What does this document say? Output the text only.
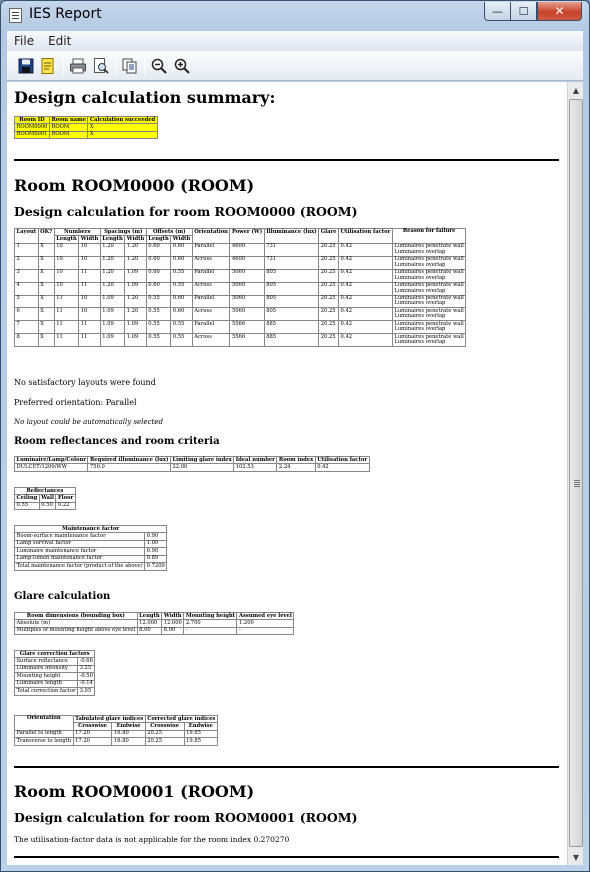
IES Report	—	☐	✕
File	Edit
Design calculation summary:
Room ID	Room name	Calculation succeeded
ROOM0000	ROOM	X
ROOM0001	ROOM	X
Room ROOM0000 (ROOM)
Design calculation for room ROOM0000 (ROOM)
Layout	OK?	Numbers		Spacings (m)		Offsets (m)		Orientation	Power (W)	Illuminance (lux)	Glare	Utilisation factor	Reason for failure
		Length	Width	Length	Width	Length	Width						
1	X	10	10	1.20	1.20	0.60	0.60	Parallel	4600	731	20.25	0.42	Luminaires penetrate wall
Luminaires overlap

2	X	10	10	1.20	1.20	0.60	0.60	Across	4600	731	20.25	0.42	Luminaires penetrate wall
Luminaires overlap

3	X	10	11	1.20	1.09	0.60	0.55	Parallel	5060	805	20.25	0.42	Luminaires penetrate wall
Luminaires overlap

4	X	10	11	1.20	1.09	0.60	0.55	Across	5060	805	20.25	0.42	Luminaires penetrate wall
Luminaires overlap

5	X	11	10	1.09	1.20	0.55	0.60	Parallel	5060	805	20.25	0.42	Luminaires penetrate wall
Luminaires overlap

6	X	11	10	1.09	1.20	0.55	0.60	Across	5060	805	20.25	0.42	Luminaires penetrate wall
Luminaires overlap

7	X	11	11	1.09	1.09	0.55	0.55	Parallel	5566	885	20.25	0.42	Luminaires penetrate wall
Luminaires overlap

8	X	11	11	1.09	1.09	0.55	0.55	Across	5566	885	20.25	0.42	Luminaires penetrate wall
Luminaires overlap

No satisfactory layouts were found

Preferred orientation: Parallel

No layout could be automatically selected

Room reflectances and room criteria
Luminaire/Lamp/Colour	Required illuminance (lux)	Limiting glare index	Ideal number	Room index	Utilisation factor
DULCET/1200/WW	750.0	22.00	102.53	2.24	0.42
Reflectances		
Ceiling	Wall	Floor
0.55	0.50	0.22
Maintenance factor	
Room-surface maintenance factor	0.90
Lamp survival factor	1.00
Luminaire maintenance factor	0.90
Lamp-lumen maintenance factor	0.89
Total maintenance factor (product of the above)	0.7209
Glare calculation
Room dimensions (bounding box)	Length	Width	Mounting height	Assumed eye level
Absolute (m)	12.000	12.000	2.700	1.200
Multiples of mounting height above eye level	8.00	8.00	-	-
Glare correction factors	
Surface reflectance	-0.66
Luminaire intensity	3.25
Mounting height	-0.50
Luminaire length	-0.14
Total correction factor	3.05
Orientation	Tabulated glare indices		Corrected glare indices	
	Crosswise	Endwise	Crosswise	Endwise
Parallel to length	17.20	16.80	20.25	19.85
Transverse to length	17.20	16.80	20.25	19.85
Room ROOM0001 (ROOM)
Design calculation for room ROOM0001 (ROOM)

The utilisation-factor data is not applicable for the room index 0.270270

▲
▼
